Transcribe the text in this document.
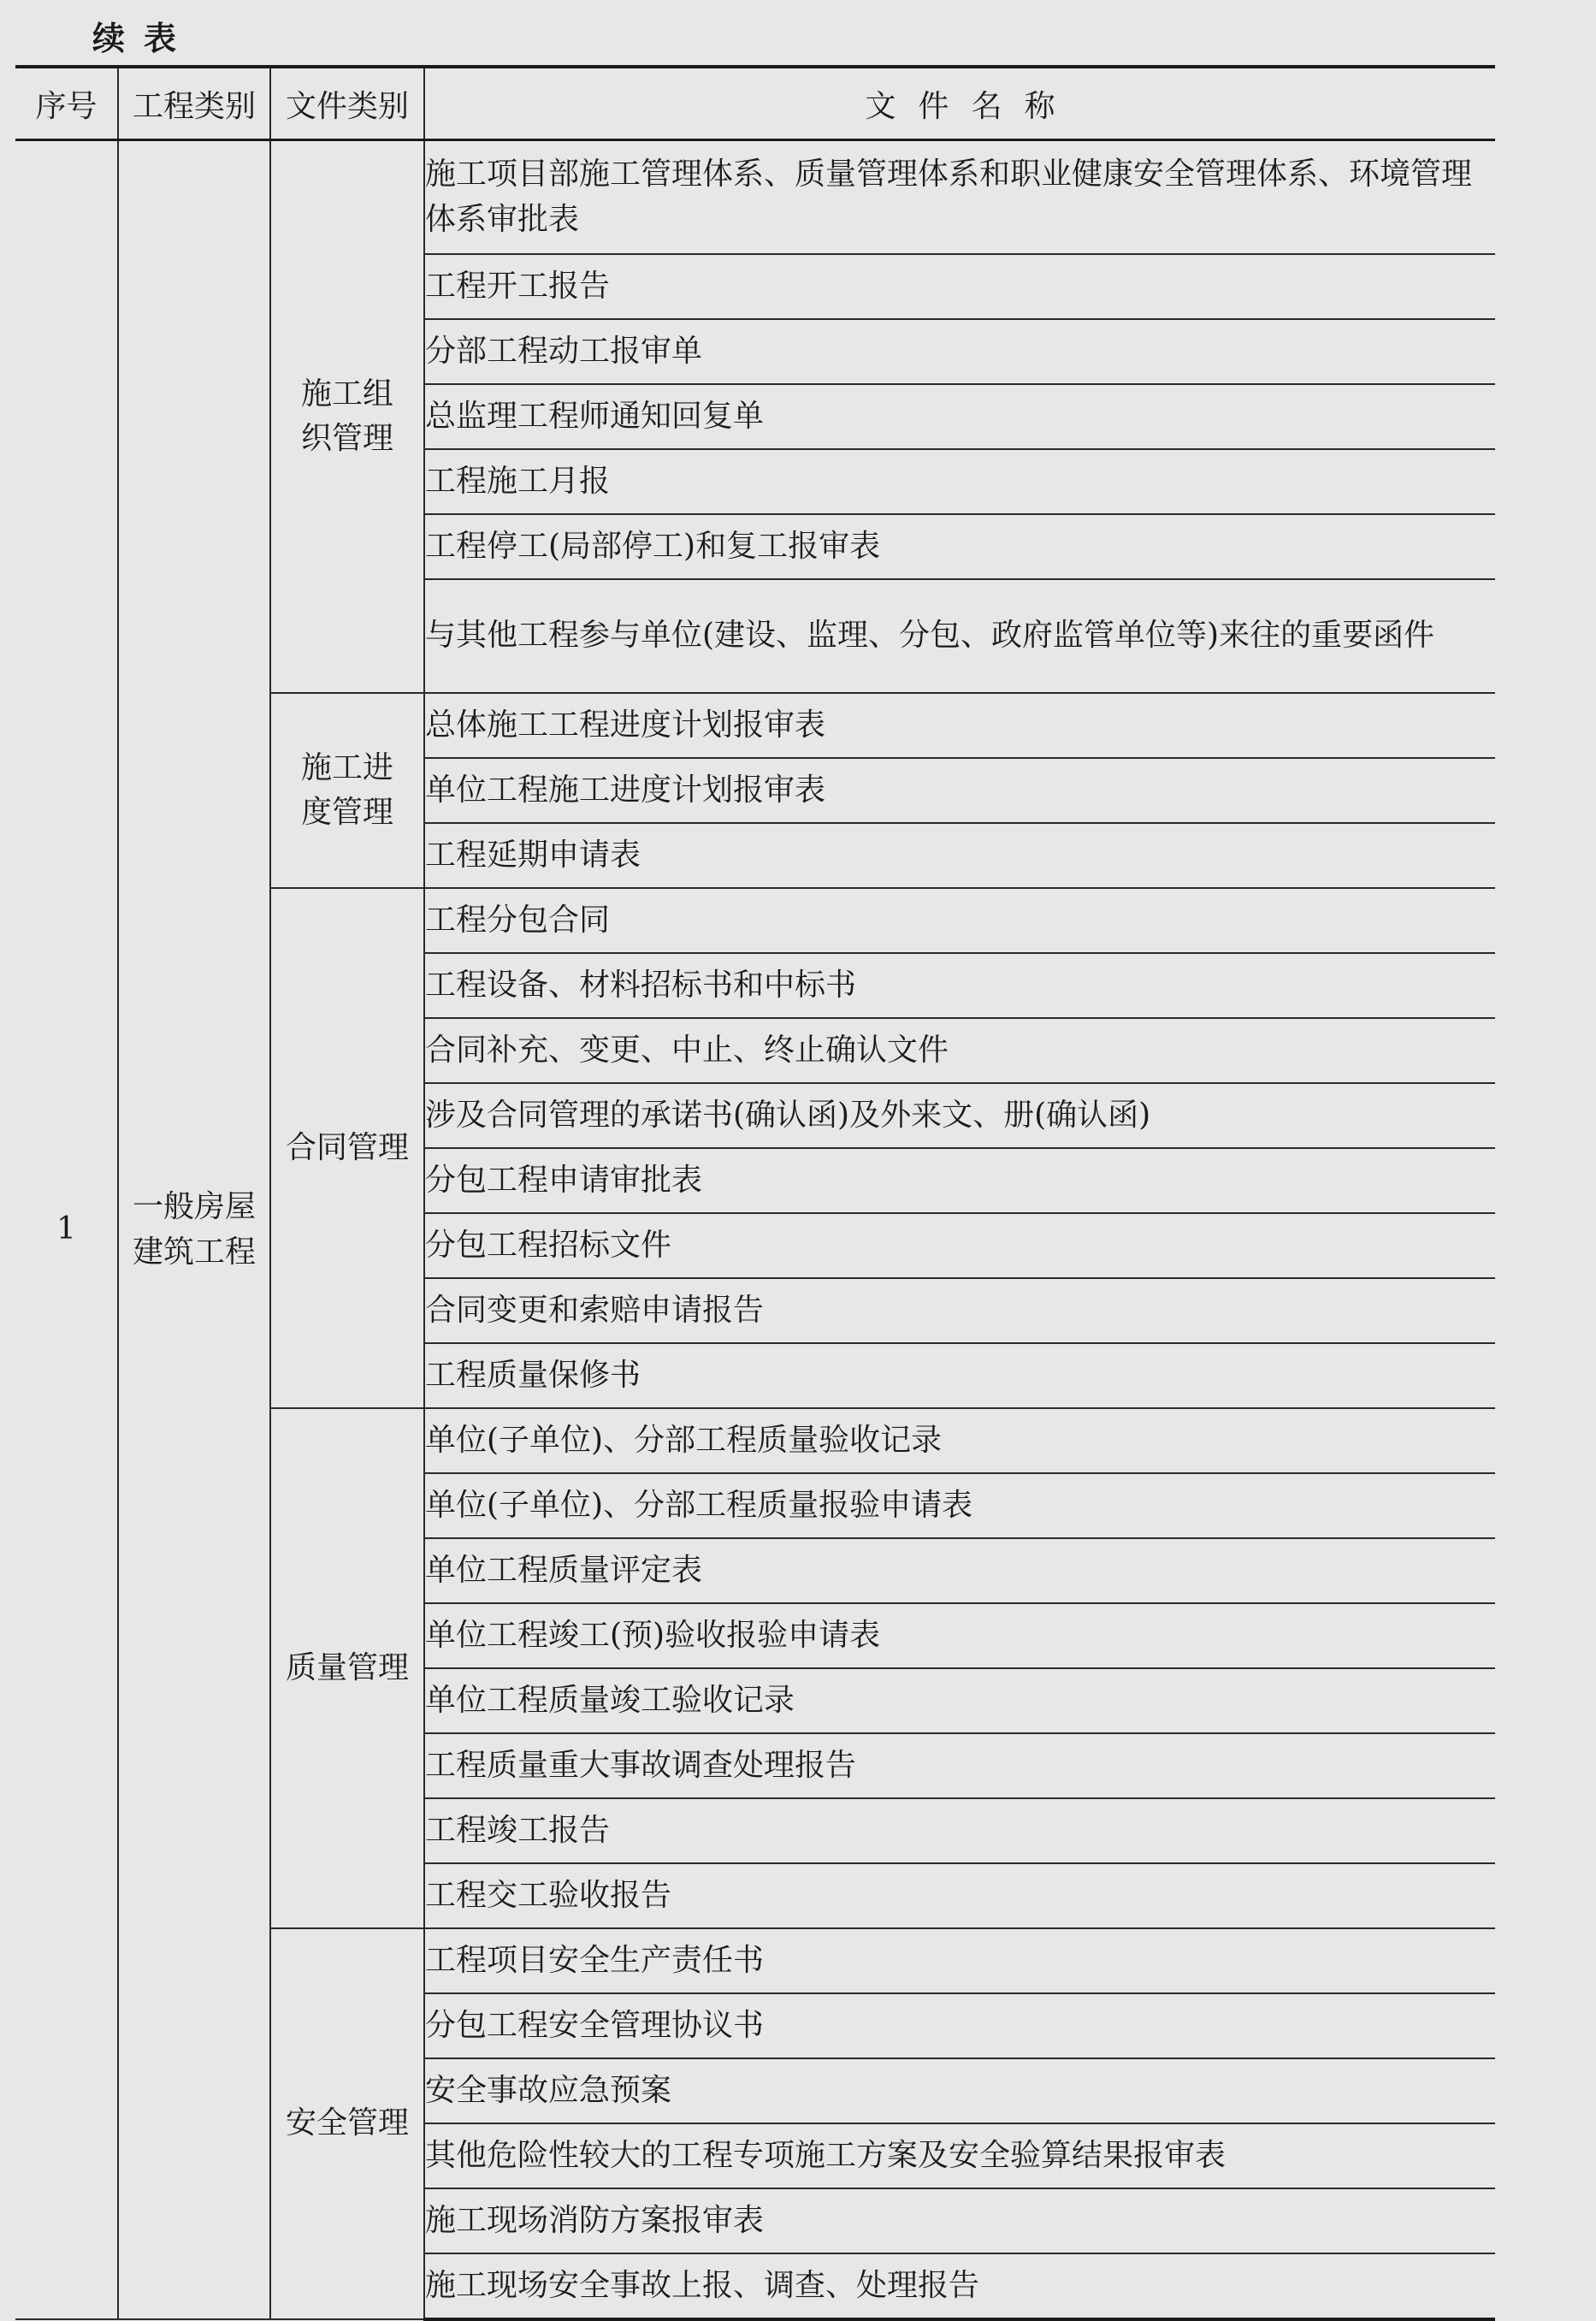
续表
序号	工程类别	文件类别	文件名称
1	一般房屋建筑工程	施工组织管理	施工项目部施工管理体系、质量管理体系和职业健康安全管理体系、环境管理体系审批表
			工程开工报告
			分部工程动工报审单
			总监理工程师通知回复单
			工程施工月报
			工程停工(局部停工)和复工报审表
			与其他工程参与单位(建设、监理、分包、政府监管单位等)来往的重要函件
		施工进度管理	总体施工工程进度计划报审表
			单位工程施工进度计划报审表
			工程延期申请表
		合同管理	工程分包合同
			工程设备、材料招标书和中标书
			合同补充、变更、中止、终止确认文件
			涉及合同管理的承诺书(确认函)及外来文、册(确认函)
			分包工程申请审批表
			分包工程招标文件
			合同变更和索赔申请报告
			工程质量保修书
		质量管理	单位(子单位)、分部工程质量验收记录
			单位(子单位)、分部工程质量报验申请表
			单位工程质量评定表
			单位工程竣工(预)验收报验申请表
			单位工程质量竣工验收记录
			工程质量重大事故调查处理报告
			工程竣工报告
			工程交工验收报告
		安全管理	工程项目安全生产责任书
			分包工程安全管理协议书
			安全事故应急预案
			其他危险性较大的工程专项施工方案及安全验算结果报审表
			施工现场消防方案报审表
			施工现场安全事故上报、调查、处理报告
